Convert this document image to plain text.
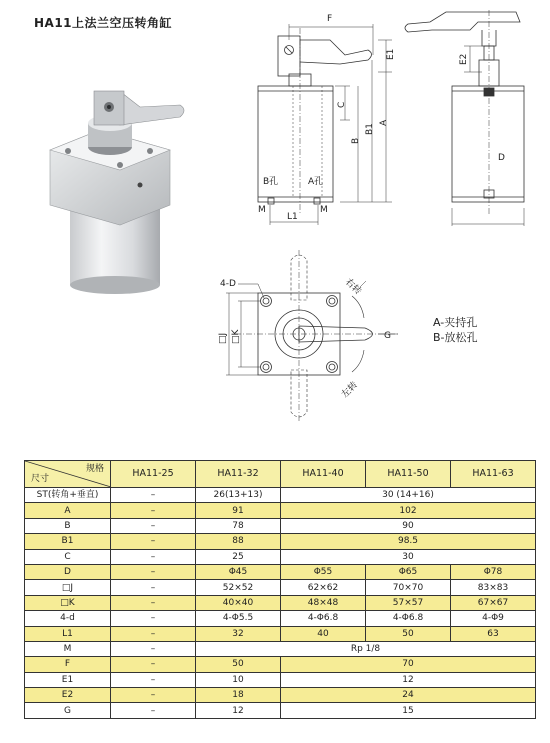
HA11上法兰空压转角缸	F
E1	E2
C
B
B1
A
D
B孔	A孔
M	M
L1
4-D
□J □K	G
右转
左转
A-夹持孔
B-放松孔
规格
尺寸	HA11-25	HA11-32	HA11-40	HA11-50	HA11-63
ST(转角+垂直)	–	26(13+13)	30 (14+16)		
A	–	91	102		
B	–	78	90		
B1	–	88	98.5		
C	–	25	30		
D	–	Φ45	Φ55	Φ65	Φ78
□J	–	52×52	62×62	70×70	83×83
□K	–	40×40	48×48	57×57	67×67
4-d	–	4-Φ5.5	4-Φ6.8	4-Φ6.8	4-Φ9
L1	–	32	40	50	63
M	–	Rp 1/8			
F	–	50	70		
E1	–	10	12		
E2	–	18	24		
G	–	12	15		
